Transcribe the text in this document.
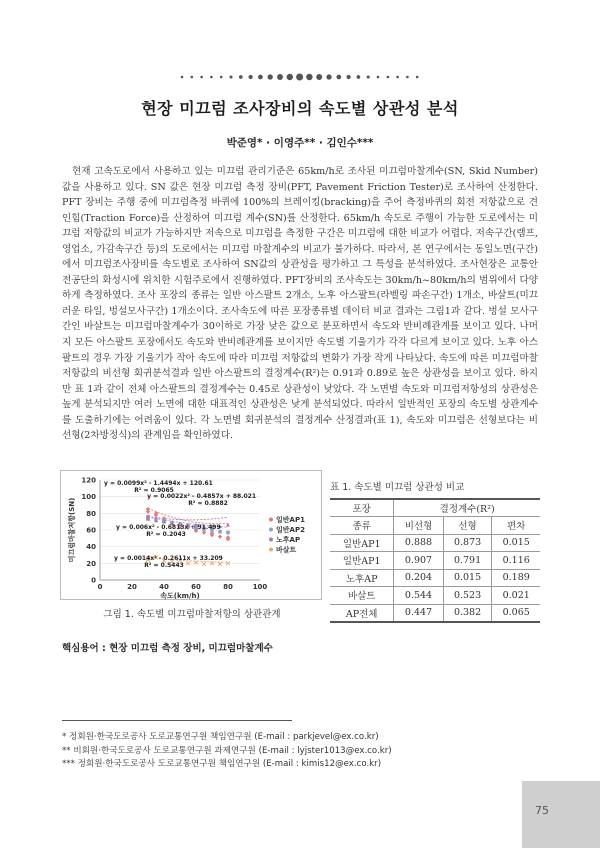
현장 미끄럼 조사장비의 속도별 상관성 분석
박준영* · 이영주** · 김인수***

현재 고속도로에서 사용하고 있는 미끄럼 관리기준은 65km/h로 조사된 미끄럼마찰계수(SN, Skid Number)값을 사용하고 있다. SN 값은 현장 미끄럼 측정 장비(PFT, Pavement Friction Tester)로 조사하여 산정한다. PFT 장비는 주행 중에 미끄럼측정 바퀴에 100%의 브레이킹(bracking)을 주어 측정바퀴의 회전 저항값으로 견인힘(Traction Force)을 산정하여 미끄럼 계수(SN)를 산정한다. 65km/h 속도로 주행이 가능한 도로에서는 미끄럼 저항값의 비교가 가능하지만 저속으로 미끄럼을 측정한 구간은 미끄럼에 대한 비교가 어렵다. 저속구간(램프, 영업소, 가감속구간 등)의 도로에서는 미끄럼 마찰계수의 비교가 불가하다. 따라서, 본 연구에서는 동일노면(구간)에서 미끄럼조사장비를 속도별로 조사하여 SN값의 상관성을 평가하고 그 특성을 분석하였다. 조사현장은 교통안전공단의 화성시에 위치한 시험주로에서 진행하였다. PFT장비의 조사속도는 30km/h~80km/h의 범위에서 다양하게 측정하였다. 조사 포장의 종류는 일반 아스팔트 2개소, 노후 아스팔트(라벨링 파손구간) 1개소, 바살트(미끄러운 타일, 벙설모사구간) 1개소이다. 조사속도에 따른 포장종류별 데이터 비교 결과는 그림1과 같다. 벙설 모사구간인 바살트는 미끄럼마찰계수가 30이하로 가장 낮은 값으로 분포하면서 속도와 반비례관계를 보이고 있다. 나머지 모든 아스팔트 포장에서도 속도와 반비례관계를 보이지만 속도별 기울기가 각각 다르게 보이고 있다. 노후 아스팔트의 경우 가장 기울기가 작아 속도에 따라 미끄럼 저항값의 변화가 가장 작게 나타났다. 속도에 따른 미끄럼마찰저항값의 비선형 회귀분석결과 일반 아스팔트의 결정계수(R²)는 0.91과 0.89로 높은 상관성을 보이고 있다. 하지만 표 1과 같이 전체 아스팔트의 결정계수는 0.45로 상관성이 낮았다. 각 노면별 속도와 미끄럼저항성의 상관성은 높게 분석되지만 여러 노면에 대한 대표적인 상관성은 낮게 분석되었다. 따라서 일반적인 포장의 속도별 상관계수를 도출하기에는 어려움이 있다. 각 노면별 회귀분석의 결정계수 산정결과(표 1), 속도와 미끄럼은 선형보다는 비선형(2차방정식)의 관계임을 확인하였다.

0
20
40
60
80
100
120
0	20	40	60	80	100
속도(km/h)
미끄럼마찰저항(SN)
y = 0.0099x² - 1.4494x + 120.61
R² = 0.9065
y = 0.0022x² - 0.4857x + 88.021
R² = 0.8882
y = 0.006x² - 0.6813x + 91.499
R² = 0.2043
y = 0.0014x² - 0.2611x + 33.209
R² = 0.5443
일반AP1
일반AP2
노후AP
바살트
그림 1. 속도별 미끄럼마찰저항의 상관관계
표 1. 속도별 미끄럼 상관성 비교
포장	결정계수(R²)		
종류	비선형	선형	편차
일반AP1	0.888	0.873	0.015
일반AP1	0.907	0.791	0.116
노후AP	0.204	0.015	0.189
바살트	0.544	0.523	0.021
AP전체	0.447	0.382	0.065
핵심용어 : 현장 미끄럼 측정 장비, 미끄럼마찰계수
* 정회원·한국도로공사 도로교통연구원 책임연구원 (E-mail : parkjevel@ex.co.kr)
** 비회원·한국도로공사 도로교통연구원 과제연구원 (E-mail : lyjster1013@ex.co.kr)
*** 정회원·한국도로공사 도로교통연구원 책임연구원 (E-mail : kimis12@ex.co.kr)
75
